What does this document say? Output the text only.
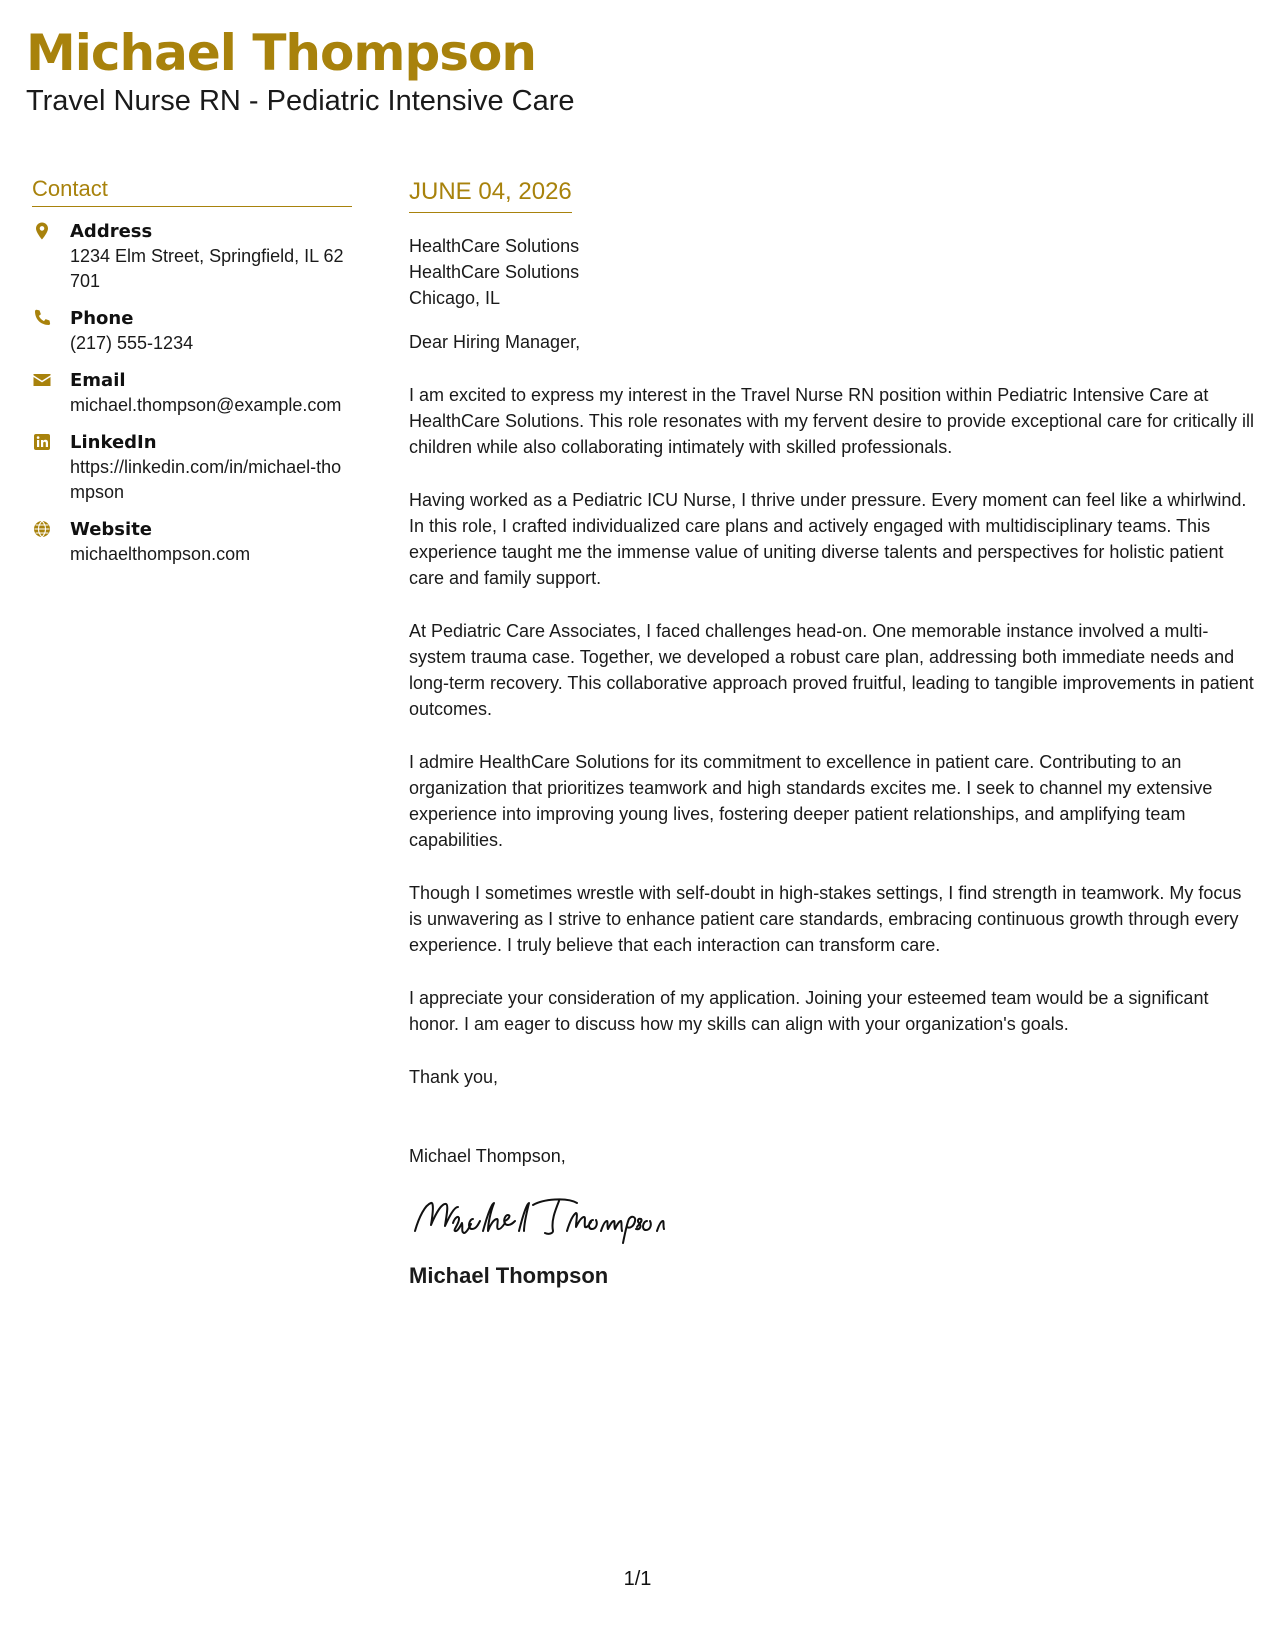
Michael Thompson
Travel Nurse RN - Pediatric Intensive Care
Contact
Address
1234 Elm Street, Springfield, IL 62701
Phone
(217) 555-1234
Email
michael.thompson@example.com
LinkedIn
https://linkedin.com/in/michael-thompson
Website
michaelthompson.com
JUNE 04, 2026
HealthCare Solutions
HealthCare Solutions
Chicago, IL
Dear Hiring Manager,
I am excited to express my interest in the Travel Nurse RN position within Pediatric Intensive Care at HealthCare Solutions. This role resonates with my fervent desire to provide exceptional care for critically ill children while also collaborating intimately with skilled professionals.
Having worked as a Pediatric ICU Nurse, I thrive under pressure. Every moment can feel like a whirlwind. In this role, I crafted individualized care plans and actively engaged with multidisciplinary teams. This experience taught me the immense value of uniting diverse talents and perspectives for holistic patient care and family support.
At Pediatric Care Associates, I faced challenges head-on. One memorable instance involved a multi-system trauma case. Together, we developed a robust care plan, addressing both immediate needs and long-term recovery. This collaborative approach proved fruitful, leading to tangible improvements in patient outcomes.
I admire HealthCare Solutions for its commitment to excellence in patient care. Contributing to an organization that prioritizes teamwork and high standards excites me. I seek to channel my extensive experience into improving young lives, fostering deeper patient relationships, and amplifying team capabilities.
Though I sometimes wrestle with self-doubt in high-stakes settings, I find strength in teamwork. My focus is unwavering as I strive to enhance patient care standards, embracing continuous growth through every experience. I truly believe that each interaction can transform care.
I appreciate your consideration of my application. Joining your esteemed team would be a significant honor. I am eager to discuss how my skills can align with your organization's goals.
Thank you,
Michael Thompson,
Michael Thompson
1/1
